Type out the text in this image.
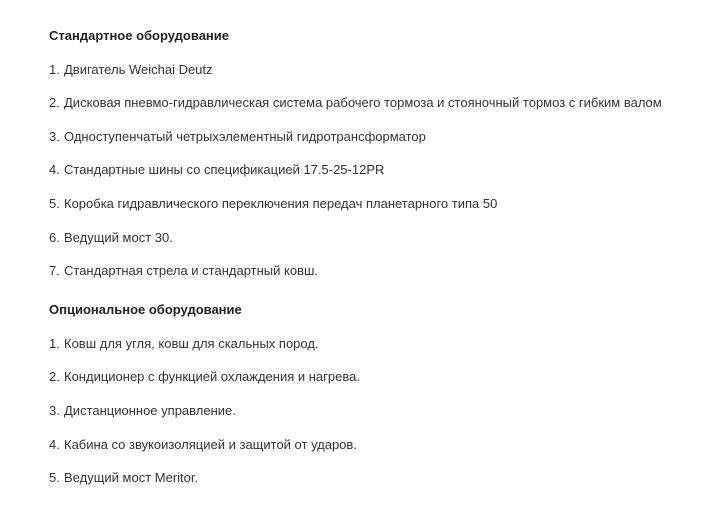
Стандартное оборудование
1. Двигатель Weichai Deutz
2. Дисковая пневмо-гидравлическая система рабочего тормоза и стояночный тормоз с гибким валом
3. Одноступенчатый четрыхэлементный гидротрансформатор
4. Стандартные шины со спецификацией 17.5-25-12PR
5. Коробка гидравлического переключения передач планетарного типа 50
6. Ведущий мост 30.
7. Стандартная стрела и стандартный ковш.
Опциональное оборудование
1. Ковш для угля, ковш для скальных пород.
2. Кондиционер с функцией охлаждения и нагрева.
3. Дистанционное управление.
4. Кабина со звукоизоляцией и защитой от ударов.
5. Ведущий мост Meritor.
